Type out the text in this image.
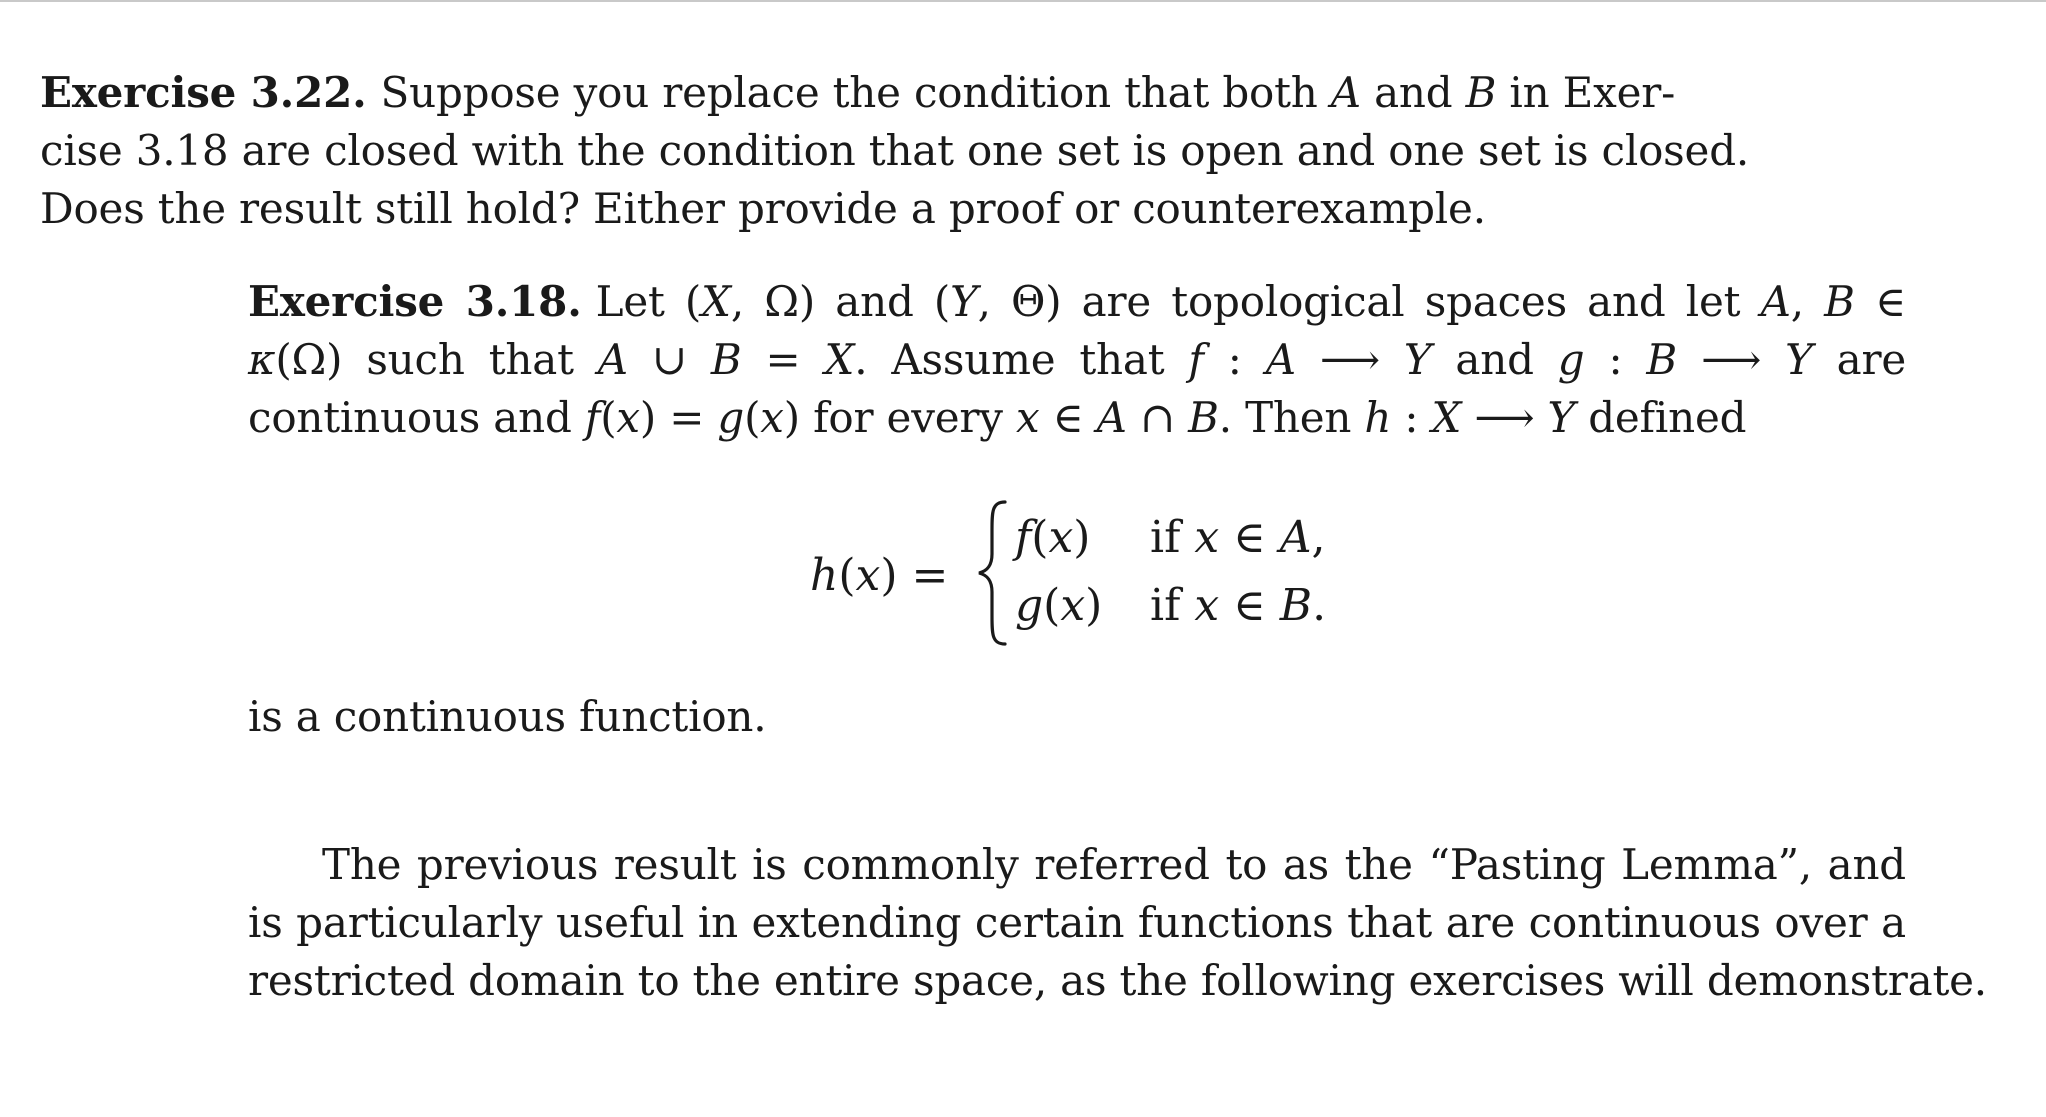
Exercise 3.22. Suppose you replace the condition that both A and B in Exer-
cise 3.18 are closed with the condition that one set is open and one set is closed.
Does the result still hold? Either provide a proof or counterexample.
Exercise 3.18. Let (X, Ω) and (Y, Θ) are topological spaces and let A, B ∈
κ(Ω) such that A ∪ B = X. Assume that f : A ⟶ Y and g : B ⟶ Y are
continuous and f(x) = g(x) for every x ∈ A ∩ B. Then h : X ⟶ Y defined
h(x) =
f(x) if x ∈ A,
g(x) if x ∈ B.
is a continuous function.
The previous result is commonly referred to as the “Pasting Lemma”, and
is particularly useful in extending certain functions that are continuous over a
restricted domain to the entire space, as the following exercises will demonstrate.
